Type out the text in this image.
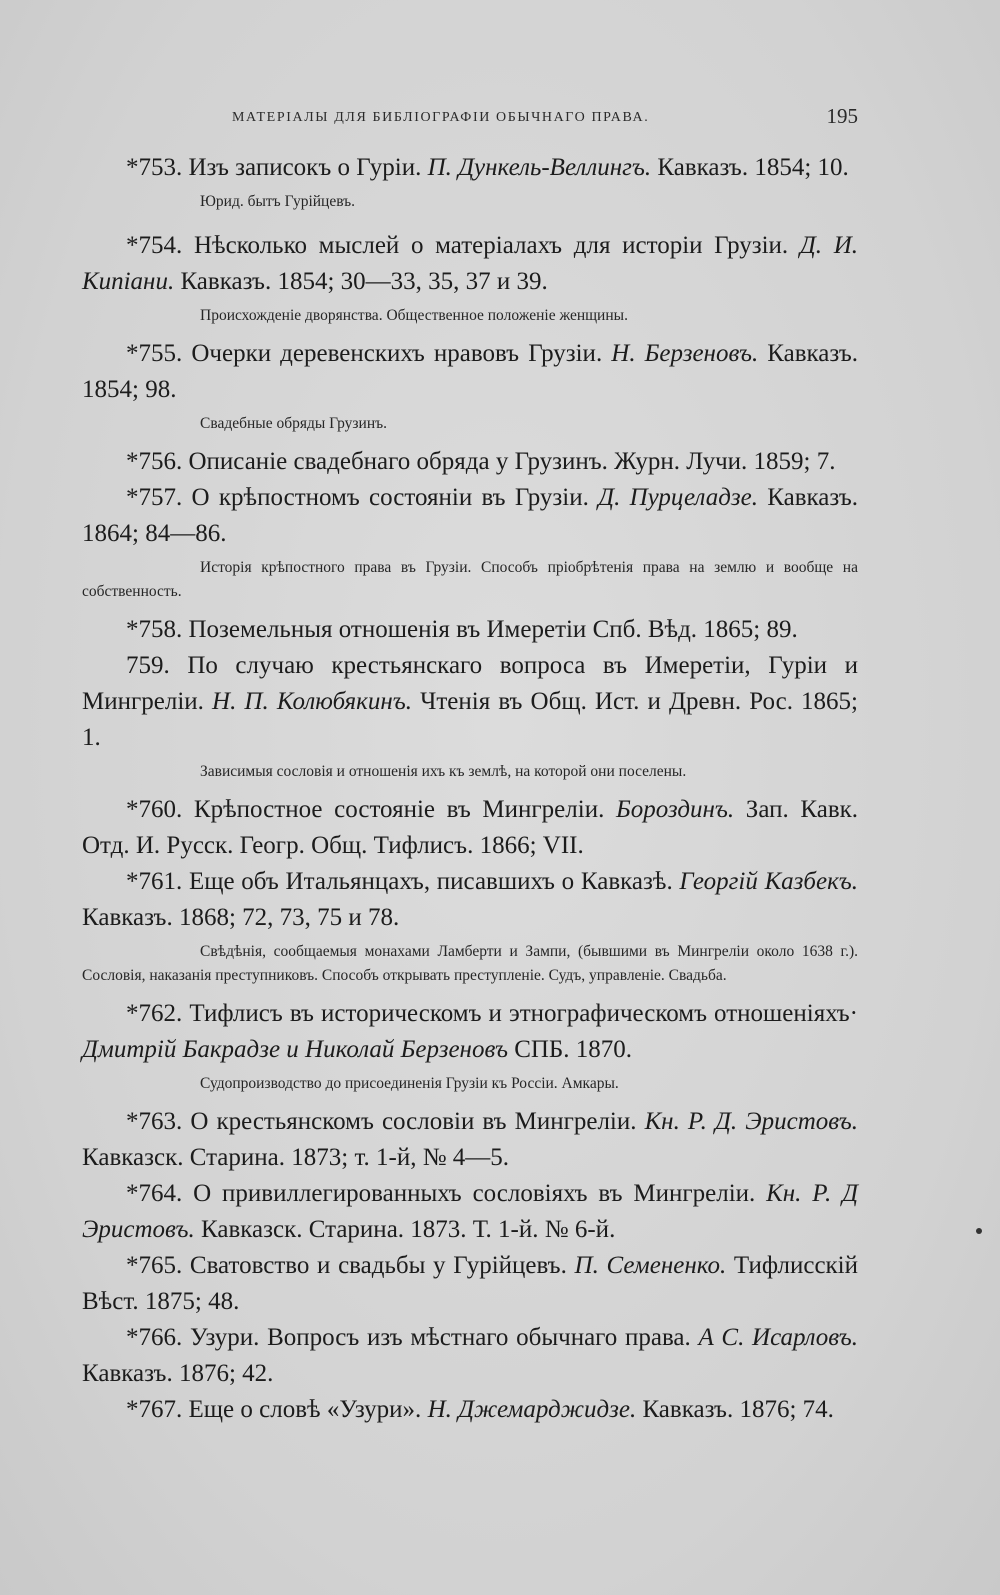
МАТЕРІАЛЫ ДЛЯ БИБЛІОГРАФІИ ОБЫЧНАГО ПРАВА.	195

*753. Изъ записокъ о Гуріи. П. Дункель-Веллингъ. Кавказъ. 1854; 10.

Юрид. бытъ Гурійцевъ.

*754. Нѣсколько мыслей о матеріалахъ для исторіи Грузіи. Д. И. Кипіани. Кавказъ. 1854; 30—33, 35, 37 и 39.

Происхожденіе дворянства. Общественное положеніе женщины.

*755. Очерки деревенскихъ нравовъ Грузіи. Н. Берзеновъ. Кавказъ. 1854; 98.

Свадебные обряды Грузинъ.

*756. Описаніе свадебнаго обряда у Грузинъ. Журн. Лучи. 1859; 7.

*757. О крѣпостномъ состояніи въ Грузіи. Д. Пурцеладзе. Кавказъ. 1864; 84—86.

Исторія крѣпостного права въ Грузіи. Способъ пріобрѣтенія права на землю и вообще на собственность.

*758. Поземельныя отношенія въ Имеретіи Спб. Вѣд. 1865; 89.

759. По случаю крестьянскаго вопроса въ Имеретіи, Гуріи и Мингреліи. Н. П. Колюбякинъ. Чтенія въ Общ. Ист. и Древн. Рос. 1865; 1.

Зависимыя сословія и отношенія ихъ къ землѣ, на которой они поселены.

*760. Крѣпостное состояніе въ Мингреліи. Бороздинъ. Зап. Кавк. Отд. И. Русск. Геогр. Общ. Тифлисъ. 1866; VII.

*761. Еще объ Итальянцахъ, писавшихъ о Кавказѣ. Георгій Казбекъ. Кавказъ. 1868; 72, 73, 75 и 78.

Свѣдѣнія, сообщаемыя монахами Ламберти и Зампи, (бывшими въ Мингреліи около 1638 г.). Сословія, наказанія преступниковъ. Способъ открывать преступленіе. Судъ, управленіе. Свадьба.

*762. Тифлисъ въ историческомъ и этнографическомъ отношеніяхъ· Дмитрій Бакрадзе и Николай Берзеновъ СПБ. 1870.

Судопроизводство до присоединенія Грузіи къ Россіи. Амкары.

*763. О крестьянскомъ сословіи въ Мингреліи. Кн. Р. Д. Эристовъ. Кавказск. Старина. 1873; т. 1-й, № 4—5.

*764. О привиллегированныхъ сословіяхъ въ Мингреліи. Кн. Р. Д Эристовъ. Кавказск. Старина. 1873. Т. 1-й. № 6-й.

*765. Сватовство и свадьбы у Гурійцевъ. П. Семененко. Тифлисскій Вѣст. 1875; 48.

*766. Узури. Вопросъ изъ мѣстнаго обычнаго права. А С. Исарловъ. Кавказъ. 1876; 42.

*767. Еще о словѣ «Узури». Н. Джемарджидзе. Кавказъ. 1876; 74.
